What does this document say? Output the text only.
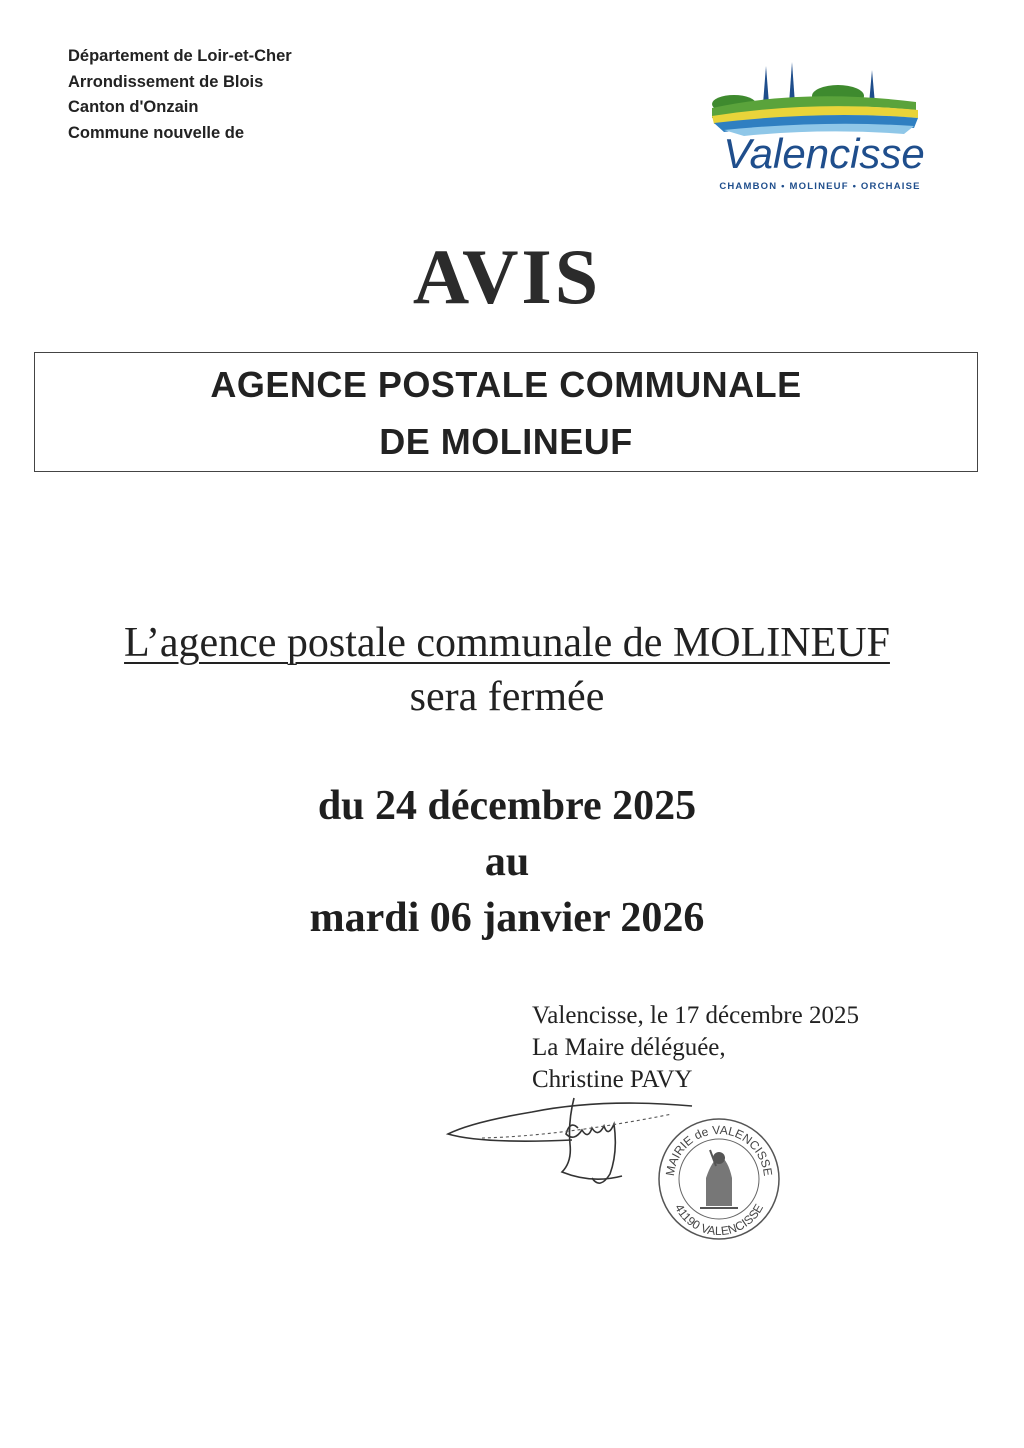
Département de Loir-et-Cher
Arrondissement de Blois
Canton d'Onzain
Commune nouvelle de	Valencisse
CHAMBON • MOLINEUF • ORCHAISE
AVIS
AGENCE POSTALE COMMUNALE
DE MOLINEUF
L’agence postale communale de MOLINEUF
sera fermée
du 24 décembre 2025
au
mardi 06 janvier 2026
Valencisse, le 17 décembre 2025
La Maire déléguée,
Christine PAVY
MAIRIE de VALENCISSE
41190 VALENCISSE
